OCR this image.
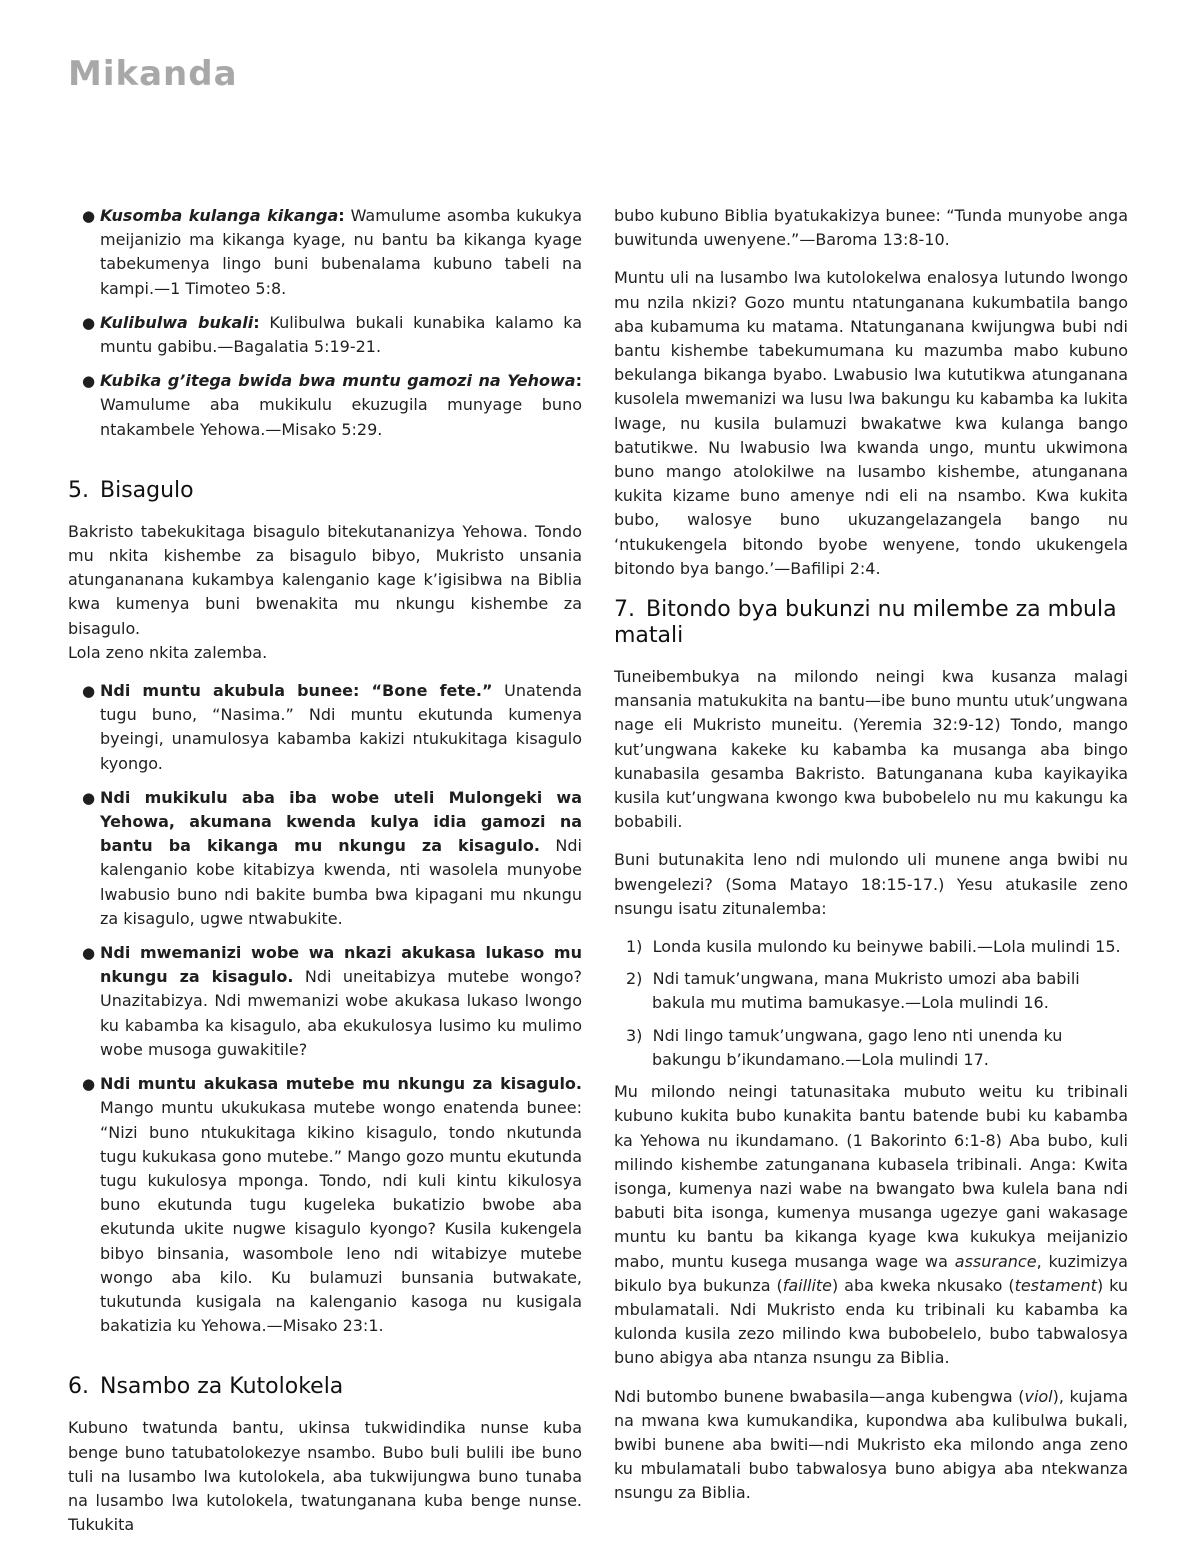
Mikanda
● Kusomba kulanga kikanga: Wamulume asomba kukukya meijanizio ma kikanga kyage, nu bantu ba kikanga kyage tabekumenya lingo buni bubenalama kubuno tabeli na kampi.—1 Timoteo 5:8.
● Kulibulwa bukali: Kulibulwa bukali kunabika kalamo ka muntu gabibu.—Bagalatia 5:19-21.
● Kubika g’itega bwida bwa muntu gamozi na Yehowa: Wamulume aba mukikulu ekuzugila munyage buno ntakambele Yehowa.—Misako 5:29.
5. Bisagulo

Bakristo tabekukitaga bisagulo bitekutananizya Yehowa. Tondo mu nkita kishembe za bisagulo bibyo, Mukristo unsania atungananana kukambya kalenganio kage k’igisibwa na Biblia kwa kumenya buni bwenakita mu nkungu kishembe za bisagulo.

Lola zeno nkita zalemba.

● Ndi muntu akubula bunee: “Bone fete.” Unatenda tugu buno, “Nasima.” Ndi muntu ekutunda kumenya byeingi, unamulosya kabamba kakizi ntukukitaga kisagulo kyongo.
● Ndi mukikulu aba iba wobe uteli Mulongeki wa Yehowa, akumana kwenda kulya idia gamozi na bantu ba kikanga mu nkungu za kisagulo. Ndi kalenganio kobe kitabizya kwenda, nti wasolela munyobe lwabusio buno ndi bakite bumba bwa kipagani mu nkungu za kisagulo, ugwe ntwabukite.
● Ndi mwemanizi wobe wa nkazi akukasa lukaso mu nkungu za kisagulo. Ndi uneitabizya mutebe wongo? Unazitabizya. Ndi mwemanizi wobe akukasa lukaso lwongo ku kabamba ka kisagulo, aba ekukulosya lusimo ku mulimo wobe musoga guwakitile?
● Ndi muntu akukasa mutebe mu nkungu za kisagulo. Mango muntu ukukukasa mutebe wongo enatenda bunee: “Nizi buno ntukukitaga kikino kisagulo, tondo nkutunda tugu kukukasa gono mutebe.” Mango gozo muntu ekutunda tugu kukulosya mponga. Tondo, ndi kuli kintu kikulosya buno ekutunda tugu kugeleka bukatizio bwobe aba ekutunda ukite nugwe kisagulo kyongo? Kusila kukengela bibyo binsania, wasombole leno ndi witabizye mutebe wongo aba kilo. Ku bulamuzi bunsania butwakate, tukutunda kusigala na kalenganio kasoga nu kusigala bakatizia ku Yehowa.—Misako 23:1.
6. Nsambo za Kutolokela

Kubuno twatunda bantu, ukinsa tukwidindika nunse kuba benge buno tatubatolokezye nsambo. Bubo buli bulili ibe buno tuli na lusambo lwa kutolokela, aba tukwijungwa buno tunaba na lusambo lwa kutolokela, twatunganana kuba benge nunse. Tukukita

bubo kubuno Biblia byatukakizya bunee: “Tunda munyobe anga buwitunda uwenyene.”—Baroma 13:8-10.

Muntu uli na lusambo lwa kutolokelwa enalosya lutundo lwongo mu nzila nkizi? Gozo muntu ntatunganana kukumbatila bango aba kubamuma ku matama. Ntatunganana kwijungwa bubi ndi bantu kishembe tabekumumana ku mazumba mabo kubuno bekulanga bikanga byabo. Lwabusio lwa kututikwa atunganana kusolela mwemanizi wa lusu lwa bakungu ku kabamba ka lukita lwage, nu kusila bulamuzi bwakatwe kwa kulanga bango batutikwe. Nu lwabusio lwa kwanda ungo, muntu ukwimona buno mango atolokilwe na lusambo kishembe, atunganana kukita kizame buno amenye ndi eli na nsambo. Kwa kukita bubo, walosye buno ukuzangelazangela bango nu ‘ntukukengela bitondo byobe wenyene, tondo ukukengela bitondo bya bango.’—Bafilipi 2:4.

7. Bitondo bya bukunzi nu milembe za mbula matali

Tuneibembukya na milondo neingi kwa kusanza malagi mansania matukukita na bantu—ibe buno muntu utuk’ungwana nage eli Mukristo muneitu. (Yeremia 32:9-12) Tondo, mango kut’ungwana kakeke ku kabamba ka musanga aba bingo kunabasila gesamba Bakristo. Batunganana kuba kayikayika kusila kut’ungwana kwongo kwa bubobelelo nu mu kakungu ka bobabili.

Buni butunakita leno ndi mulondo uli munene anga bwibi nu bwengelezi? (Soma Matayo 18:15-17.) Yesu atukasile zeno nsungu isatu zitunalemba:

1) Londa kusila mulondo ku beinywe babili.—Lola mulindi 15.
2) Ndi tamuk’ungwana, mana Mukristo umozi aba babili bakula mu mutima bamukasye.—Lola mulindi 16.
3) Ndi lingo tamuk’ungwana, gago leno nti unenda ku bakungu b’ikundamano.—Lola mulindi 17.

Mu milondo neingi tatunasitaka mubuto weitu ku tribinali kubuno kukita bubo kunakita bantu batende bubi ku kabamba ka Yehowa nu ikundamano. (1 Bakorinto 6:1-8) Aba bubo, kuli milindo kishembe zatunganana kubasela tribinali. Anga: Kwita isonga, kumenya nazi wabe na bwangato bwa kulela bana ndi babuti bita isonga, kumenya musanga ugezye gani wakasage muntu ku bantu ba kikanga kyage kwa kukukya meijanizio mabo, muntu kusega musanga wage wa assurance, kuzimizya bikulo bya bukunza (faillite) aba kweka nkusako (testament) ku mbulamatali. Ndi Mukristo enda ku tribinali ku kabamba ka kulonda kusila zezo milindo kwa bubobelelo, bubo tabwalosya buno abigya aba ntanza nsungu za Biblia.

Ndi butombo bunene bwabasila—anga kubengwa (viol), kujama na mwana kwa kumukandika, kupondwa aba kulibulwa bukali, bwibi bunene aba bwiti—ndi Mukristo eka milondo anga zeno ku mbulamatali bubo tabwalosya buno abigya aba ntekwanza nsungu za Biblia.
